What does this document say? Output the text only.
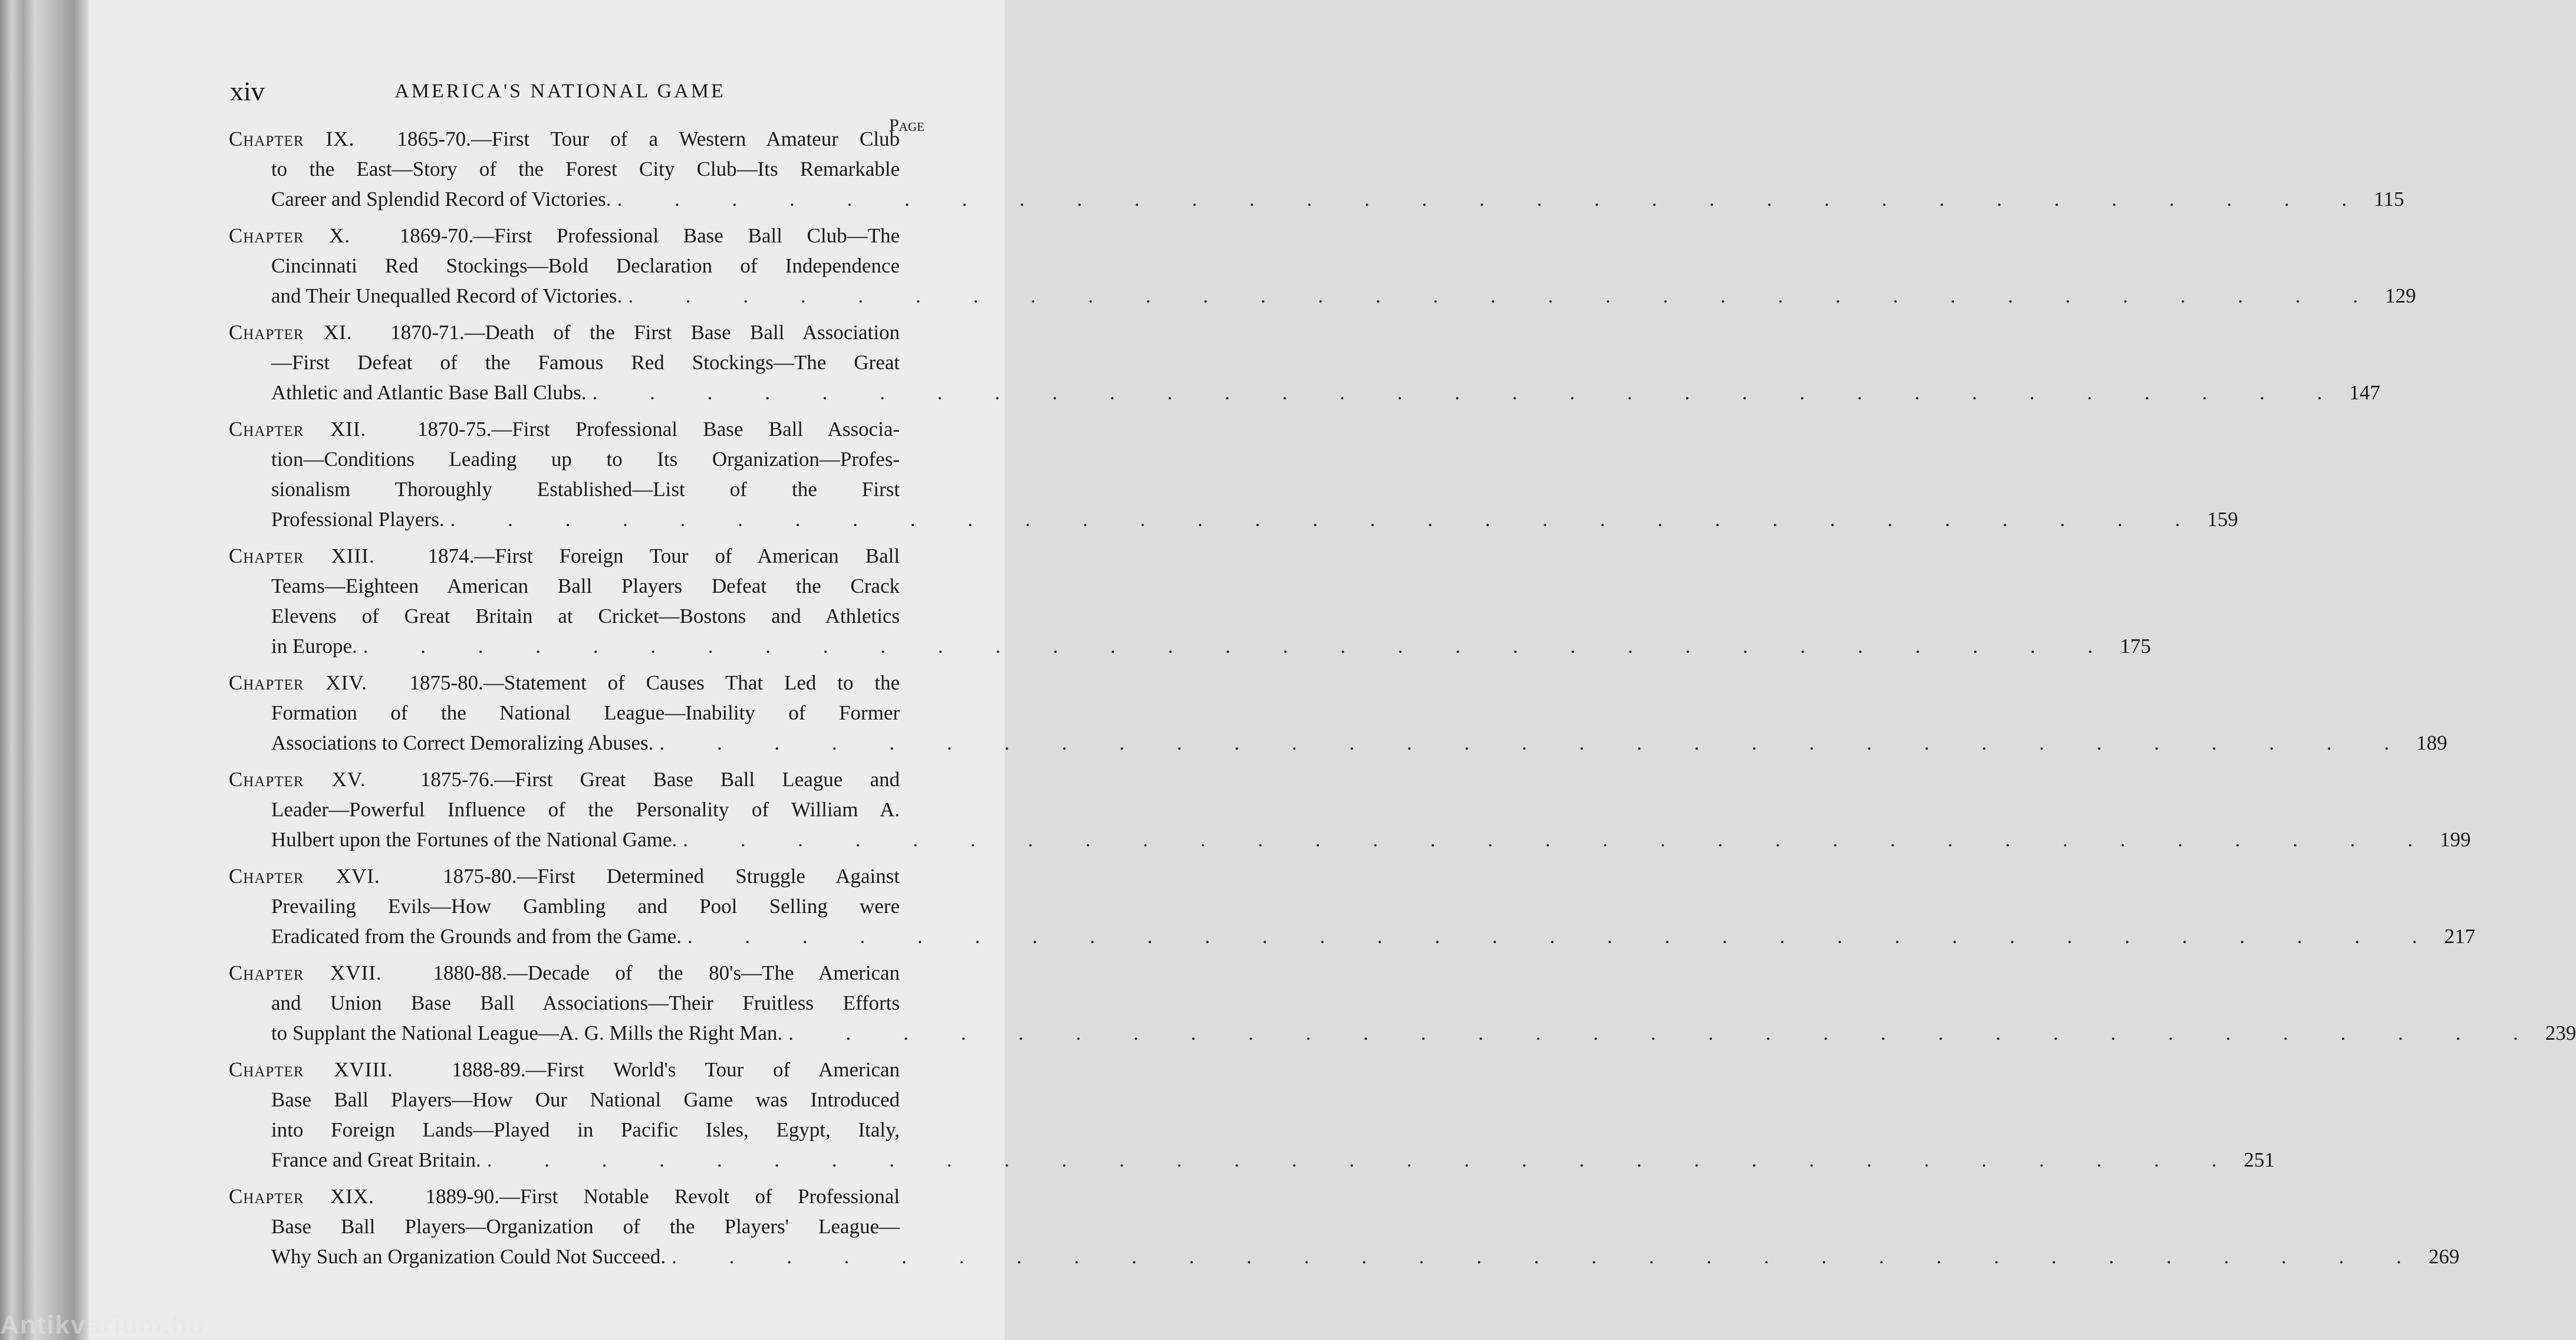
xiv	AMERICA'S NATIONAL GAME
Page

Chapter IX. 1865-70.—First Tour of a Western Amateur Club

to the East—Story of the Forest City Club—Its Remarkable

Career and Splendid Record of Victories. . . . . . . . . . . . . . . . . . . . . . . . . . . . . . . . 115

Chapter X. 1869-70.—First Professional Base Ball Club—The

Cincinnati Red Stockings—Bold Declaration of Independence

and Their Unequalled Record of Victories. . . . . . . . . . . . . . . . . . . . . . . . . . . . . . . . 129

Chapter XI. 1870-71.—Death of the First Base Ball Association

—First Defeat of the Famous Red Stockings—The Great

Athletic and Atlantic Base Ball Clubs. . . . . . . . . . . . . . . . . . . . . . . . . . . . . . . . 147

Chapter XII. 1870-75.—First Professional Base Ball Associa-

tion—Conditions Leading up to Its Organization—Profes-

sionalism Thoroughly Established—List of the First

Professional Players. . . . . . . . . . . . . . . . . . . . . . . . . . . . . . . . 159

Chapter XIII.	1874.—First Foreign Tour of American Ball

Teams—Eighteen American Ball Players Defeat the Crack

Elevens of Great Britain at Cricket—Bostons and Athletics

in Europe. . . . . . . . . . . . . . . . . . . . . . . . . . . . . . . . 175

Chapter XIV. 1875-80.—Statement of Causes That Led to the

Formation of the National League—Inability of Former

Associations to Correct Demoralizing Abuses. . . . . . . . . . . . . . . . . . . . . . . . . . . . . . . . 189

Chapter XV.	1875-76.—First Great Base Ball League and

Leader—Powerful Influence of the Personality of William A.

Hulbert upon the Fortunes of the National Game. . . . . . . . . . . . . . . . . . . . . . . . . . . . . . . . 199

Chapter XVI.	1875-80.—First Determined Struggle Against

Prevailing Evils—How Gambling and Pool Selling were

Eradicated from the Grounds and from the Game. . . . . . . . . . . . . . . . . . . . . . . . . . . . . . . . 217

Chapter XVII. 1880-88.—Decade of the 80's—The American

and Union Base Ball Associations—Their Fruitless Efforts

to Supplant the National League—A. G. Mills the Right Man. . . . . . . . . . . . . . . . . . . . . . . . . . . . . . . . 239

Chapter XVIII.	1888-89.—First World's Tour of American

Base Ball Players—How Our National Game was Introduced

into Foreign Lands—Played in Pacific Isles, Egypt, Italy,

France and Great Britain. . . . . . . . . . . . . . . . . . . . . . . . . . . . . . . . 251

Chapter XIX. 1889-90.—First Notable Revolt of Professional

Base Ball Players—Organization of the Players' League—

Why Such an Organization Could Not Succeed. . . . . . . . . . . . . . . . . . . . . . . . . . . . . . . . 269
Antikvarium.hu
